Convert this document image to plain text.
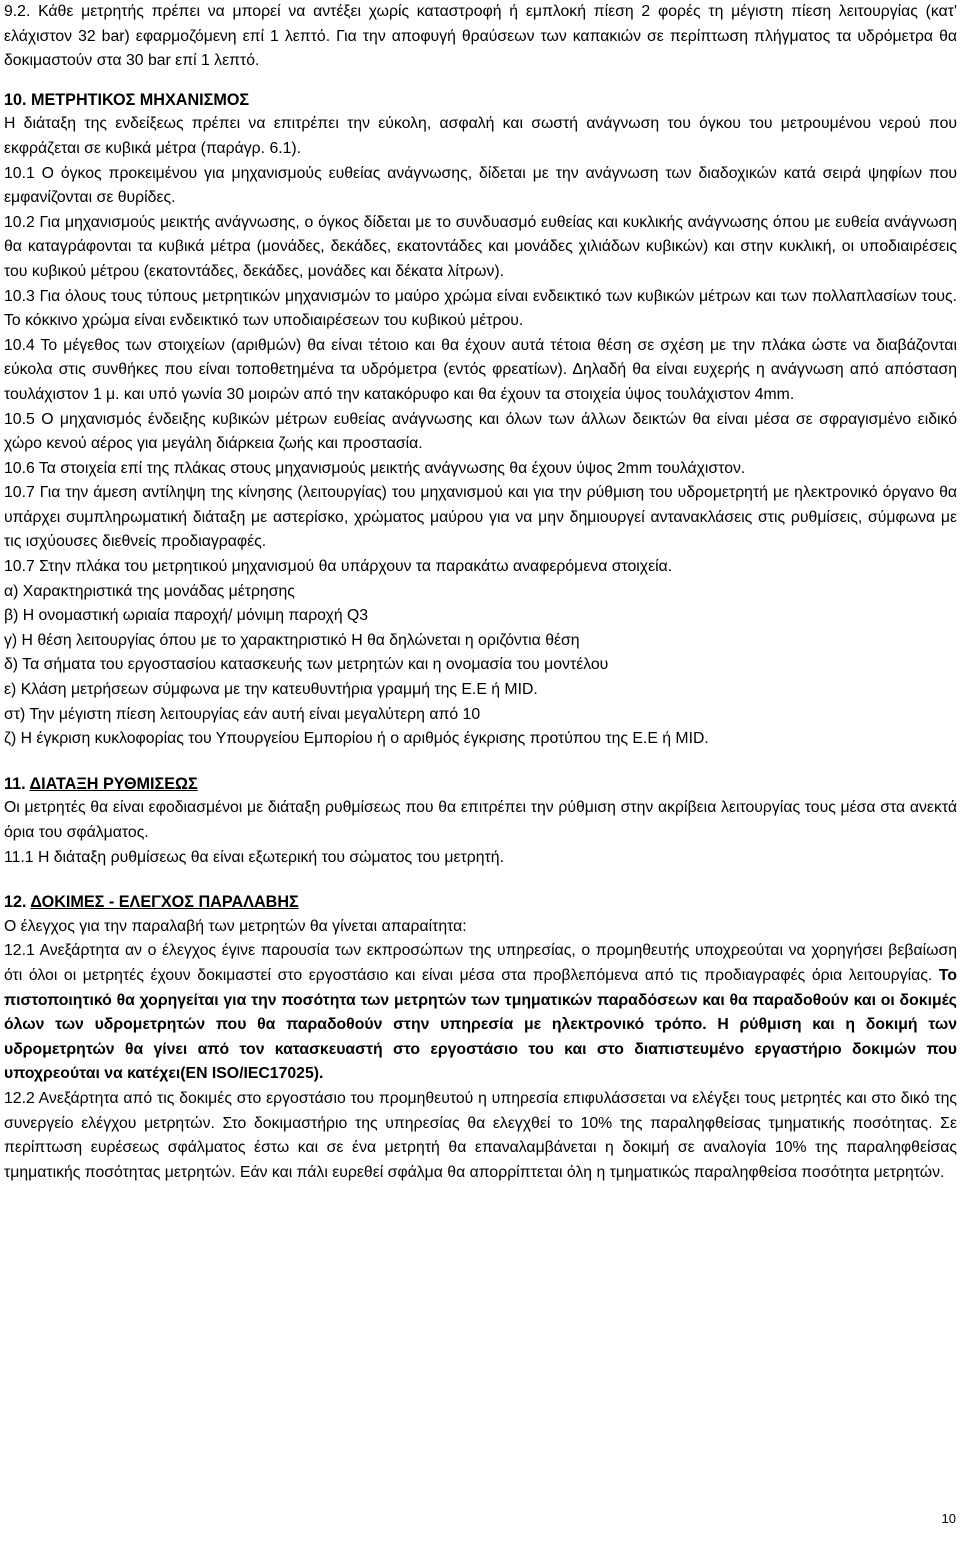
9.2. Κάθε μετρητής πρέπει να μπορεί να αντέξει χωρίς καταστροφή ή εμπλοκή πίεση 2 φορές τη μέγιστη πίεση λειτουργίας (κατ' ελάχιστον 32 bar) εφαρμοζόμενη επί 1 λεπτό. Για την αποφυγή θραύσεων των καπακιών σε περίπτωση πλήγματος τα υδρόμετρα θα δοκιμαστούν στα 30 bar επί 1 λεπτό.

10. ΜΕΤΡΗΤΙΚΟΣ ΜΗΧΑΝΙΣΜΟΣ

Η διάταξη της ενδείξεως πρέπει να επιτρέπει την εύκολη, ασφαλή και σωστή ανάγνωση του όγκου του μετρουμένου νερού που εκφράζεται σε κυβικά μέτρα (παράγρ. 6.1).

10.1 Ο όγκος προκειμένου για μηχανισμούς ευθείας ανάγνωσης, δίδεται με την ανάγνωση των διαδοχικών κατά σειρά ψηφίων που εμφανίζονται σε θυρίδες.

10.2 Για μηχανισμούς μεικτής ανάγνωσης, ο όγκος δίδεται με το συνδυασμό ευθείας και κυκλικής ανάγνωσης όπου με ευθεία ανάγνωση θα καταγράφονται τα κυβικά μέτρα (μονάδες, δεκάδες, εκατοντάδες και μονάδες χιλιάδων κυβικών) και στην κυκλική, οι υποδιαιρέσεις του κυβικού μέτρου (εκατοντάδες, δεκάδες, μονάδες και δέκατα λίτρων).

10.3 Για όλους τους τύπους μετρητικών μηχανισμών το μαύρο χρώμα είναι ενδεικτικό των κυβικών μέτρων και των πολλαπλασίων τους. Το κόκκινο χρώμα είναι ενδεικτικό των υποδιαιρέσεων του κυβικού μέτρου.

10.4 Το μέγεθος των στοιχείων (αριθμών) θα είναι τέτοιο και θα έχουν αυτά τέτοια θέση σε σχέση με την πλάκα ώστε να διαβάζονται εύκολα στις συνθήκες που είναι τοποθετημένα τα υδρόμετρα (εντός φρεατίων). Δηλαδή θα είναι ευχερής η ανάγνωση από απόσταση τουλάχιστον 1 μ. και υπό γωνία 30 μοιρών από την κατακόρυφο και θα έχουν τα στοιχεία ύψος τουλάχιστον 4mm.

10.5 Ο μηχανισμός ένδειξης κυβικών μέτρων ευθείας ανάγνωσης και όλων των άλλων δεικτών θα είναι μέσα σε σφραγισμένο ειδικό χώρο κενού αέρος για μεγάλη διάρκεια ζωής και προστασία.

10.6 Τα στοιχεία επί της πλάκας στους μηχανισμούς μεικτής ανάγνωσης θα έχουν ύψος 2mm τουλάχιστον.

10.7 Για την άμεση αντίληψη της κίνησης (λειτουργίας) του μηχανισμού και για την ρύθμιση του υδρομετρητή με ηλεκτρονικό όργανο θα υπάρχει συμπληρωματική διάταξη με αστερίσκο, χρώματος μαύρου για να μην δημιουργεί αντανακλάσεις στις ρυθμίσεις, σύμφωνα με τις ισχύουσες διεθνείς προδιαγραφές.

10.7 Στην πλάκα του μετρητικού μηχανισμού θα υπάρχουν τα παρακάτω αναφερόμενα στοιχεία.

α) Χαρακτηριστικά της μονάδας μέτρησης

β) Η ονομαστική ωριαία παροχή/ μόνιμη παροχή Q3

γ) Η θέση λειτουργίας όπου με το χαρακτηριστικό Η θα δηλώνεται η οριζόντια θέση

δ) Τα σήματα του εργοστασίου κατασκευής των μετρητών και η ονομασία του μοντέλου

ε) Κλάση μετρήσεων σύμφωνα με την κατευθυντήρια γραμμή της Ε.Ε ή MID.

στ) Την μέγιστη πίεση λειτουργίας εάν αυτή είναι μεγαλύτερη από 10

ζ) Η έγκριση κυκλοφορίας του Υπουργείου Εμπορίου ή ο αριθμός έγκρισης προτύπου της Ε.Ε ή MID.

11. ΔΙΑΤΑΞΗ ΡΥΘΜΙΣΕΩΣ

Οι μετρητές θα είναι εφοδιασμένοι με διάταξη ρυθμίσεως που θα επιτρέπει την ρύθμιση στην ακρίβεια λειτουργίας τους μέσα στα ανεκτά όρια του σφάλματος.

11.1 Η διάταξη ρυθμίσεως θα είναι εξωτερική του σώματος του μετρητή.

12. ΔΟΚΙΜΕΣ - ΕΛΕΓΧΟΣ ΠΑΡΑΛΑΒΗΣ

Ο έλεγχος για την παραλαβή των μετρητών θα γίνεται απαραίτητα:

12.1 Ανεξάρτητα αν ο έλεγχος έγινε παρουσία των εκπροσώπων της υπηρεσίας, ο προμηθευτής υποχρεούται να χορηγήσει βεβαίωση ότι όλοι οι μετρητές έχουν δοκιμαστεί στο εργοστάσιο και είναι μέσα στα προβλεπόμενα από τις προδιαγραφές όρια λειτουργίας. Το πιστοποιητικό θα χορηγείται για την ποσότητα των μετρητών των τμηματικών παραδόσεων και θα παραδοθούν και οι δοκιμές όλων των υδρομετρητών που θα παραδοθούν στην υπηρεσία με ηλεκτρονικό τρόπο. Η ρύθμιση και η δοκιμή των υδρομετρητών θα γίνει από τον κατασκευαστή στο εργοστάσιο του και στο διαπιστευμένο εργαστήριο δοκιμών που υποχρεούται να κατέχει(EN ISO/IEC17025).

12.2 Ανεξάρτητα από τις δοκιμές στο εργοστάσιο του προμηθευτού η υπηρεσία επιφυλάσσεται να ελέγξει τους μετρητές και στο δικό της συνεργείο ελέγχου μετρητών. Στο δοκιμαστήριο της υπηρεσίας θα ελεγχθεί το 10% της παραληφθείσας τμηματικής ποσότητας. Σε περίπτωση ευρέσεως σφάλματος έστω και σε ένα μετρητή θα επαναλαμβάνεται η δοκιμή σε αναλογία 10% της παραληφθείσας τμηματικής ποσότητας μετρητών. Εάν και πάλι ευρεθεί σφάλμα θα απορρίπτεται όλη η τμηματικώς παραληφθείσα ποσότητα μετρητών.

10
